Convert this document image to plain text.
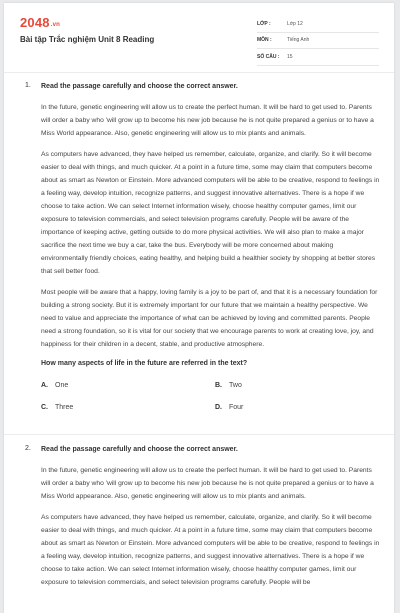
2048.vn
Bài tập Trắc nghiệm Unit 8 Reading
LỚP :	Lớp 12
MÔN :	Tiếng Anh
SỐ CÂU :	15
1. Read the passage carefully and choose the correct answer.

In the future, genetic engineering will allow us to create the perfect human. It will be hard to get used to. Parents will order a baby who 'will grow up to become his new job because he is not quite prepared a genius or to have a Miss World appearance. Also, genetic engineering will allow us to mix plants and animals.

As computers have advanced, they have helped us remember, calculate, organize, and clarify. So it will become easier to deal with things, and much quicker. At a point in a future time, some may claim that computers become about as smart as Newton or Einstein. More advanced computers will be able to be creative, respond to feelings in a feeling way, develop intuition, recognize patterns, and suggest innovative alternatives. There is a hope if we choose to take action. We can select Internet information wisely, choose healthy computer games, limit our exposure to television commercials, and select television programs carefully. People will be aware of the importance of keeping active, getting outside to do more physical activities. We will also plan to make a major sacrifice the next time we buy a car, take the bus. Everybody will be more concerned about making environmentally friendly choices, eating healthy, and helping build a healthier society by shopping at better stores that sell better food.

Most people will be aware that a happy, loving family is a joy to be part of, and that it is a necessary foundation for building a strong society. But it is extremely important for our future that we maintain a healthy perspective. We need to value and appreciate the importance of what can be achieved by loving and committed parents. People need a strong foundation, so it is vital for our society that we encourage parents to work at creating love, joy, and happiness for their children in a decent, stable, and productive atmosphere.

How many aspects of life in the future are referred in the text?

A. One	B. Two
C. Three	D. Four
2. Read the passage carefully and choose the correct answer.

In the future, genetic engineering will allow us to create the perfect human. It will be hard to get used to. Parents will order a baby who 'will grow up to become his new job because he is not quite prepared a genius or to have a Miss World appearance. Also, genetic engineering will allow us to mix plants and animals.

As computers have advanced, they have helped us remember, calculate, organize, and clarify. So it will become easier to deal with things, and much quicker. At a point in a future time, some may claim that computers become about as smart as Newton or Einstein. More advanced computers will be able to be creative, respond to feelings in a feeling way, develop intuition, recognize patterns, and suggest innovative alternatives. There is a hope if we choose to take action. We can select Internet information wisely, choose healthy computer games, limit our exposure to television commercials, and select television programs carefully. People will be
